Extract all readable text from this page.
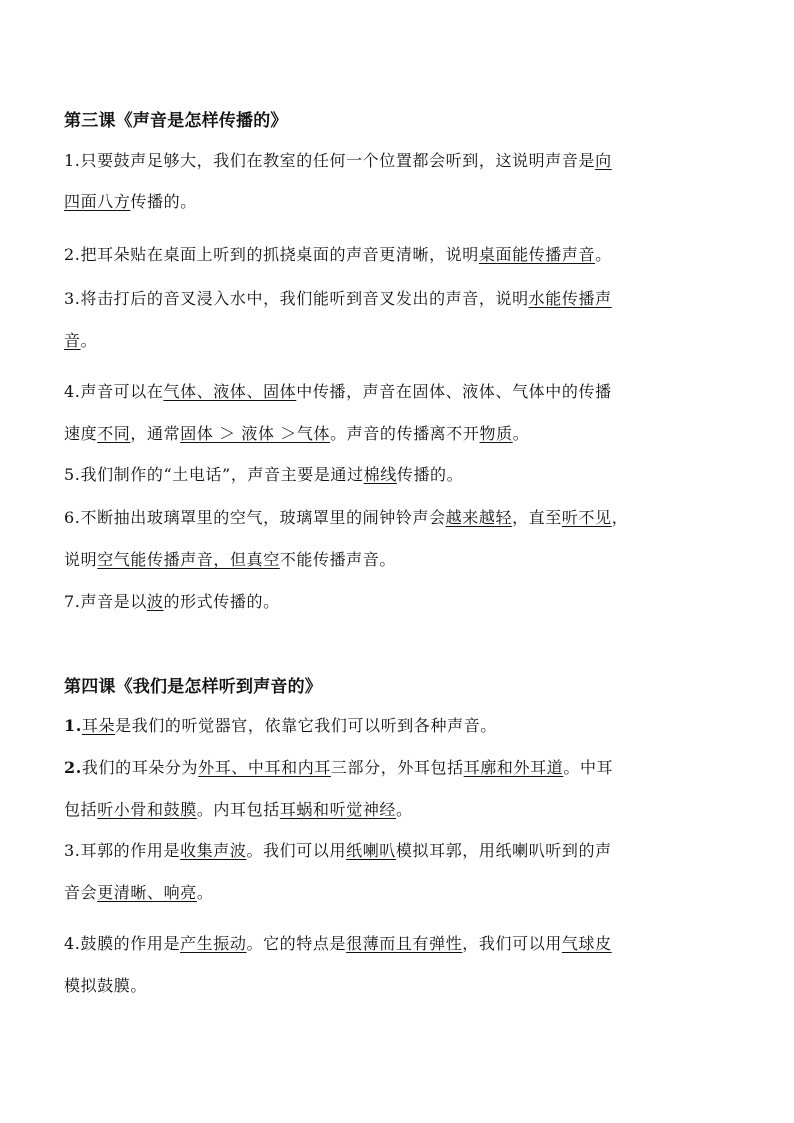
第三课《声音是怎样传播的》
1.只要鼓声足够大，我们在教室的任何一个位置都会听到，这说明声音是向
四面八方传播的。
2.把耳朵贴在桌面上听到的抓挠桌面的声音更清晰，说明桌面能传播声音。
3.将击打后的音叉浸入水中，我们能听到音叉发出的声音，说明水能传播声
音。
4.声音可以在气体、液体、固体中传播，声音在固体、液体、气体中的传播
速度不同，通常固体 ＞ 液体 ＞气体。声音的传播离不开物质。
5.我们制作的“土电话”，声音主要是通过棉线传播的。
6.不断抽出玻璃罩里的空气，玻璃罩里的闹钟铃声会越来越轻，直至听不见，
说明空气能传播声音，但真空不能传播声音。
7.声音是以波的形式传播的。
第四课《我们是怎样听到声音的》
1.耳朵是我们的听觉器官，依靠它我们可以听到各种声音。
2.我们的耳朵分为外耳、中耳和内耳三部分，外耳包括耳廓和外耳道。中耳
包括听小骨和鼓膜。内耳包括耳蜗和听觉神经。
3.耳郭的作用是收集声波。我们可以用纸喇叭模拟耳郭，用纸喇叭听到的声
音会更清晰、响亮。
4.鼓膜的作用是产生振动。它的特点是很薄而且有弹性，我们可以用气球皮
模拟鼓膜。
